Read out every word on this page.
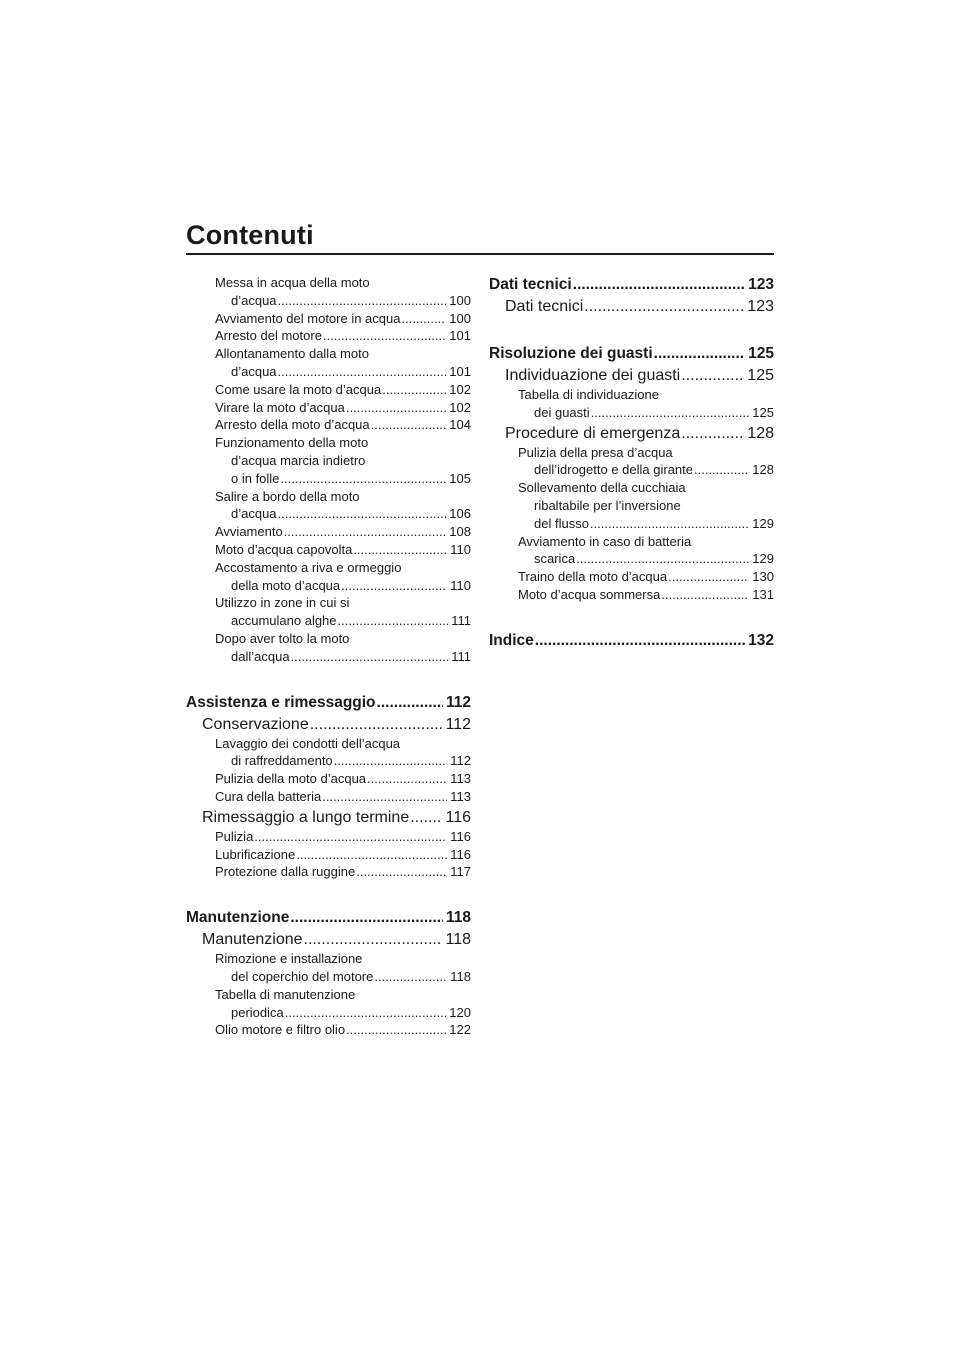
Contenuti
Messa in acqua della moto
d’acqua .....	100
Avviamento del motore in acqua .....	100
Arresto del motore .....	101
Allontanamento dalla moto
d’acqua .....	101
Come usare la moto d’acqua .....	102
Virare la moto d’acqua .....	102
Arresto della moto d’acqua .....	104
Funzionamento della moto
d’acqua marcia indietro
o in folle .....	105
Salire a bordo della moto
d’acqua .....	106
Avviamento .....	108
Moto d’acqua capovolta .....	110
Accostamento a riva e ormeggio
della moto d’acqua .....	110
Utilizzo in zone in cui si
accumulano alghe .....	111
Dopo aver tolto la moto
dall’acqua .....	111
Assistenza e rimessaggio .....	112
Conservazione .....	112
Lavaggio dei condotti dell’acqua
di raffreddamento .....	112
Pulizia della moto d’acqua .....	113
Cura della batteria .....	113
Rimessaggio a lungo termine ..... 116
Pulizia .....	116
Lubrificazione .....	116
Protezione dalla ruggine .....	117
Manutenzione .....	118
Manutenzione .....	118
Rimozione e installazione
del coperchio del motore .....	118
Tabella di manutenzione
periodica .....	120
Olio motore e filtro olio .....	122
Dati tecnici .....	123
Dati tecnici .....	123
Risoluzione dei guasti .....	125
Individuazione dei guasti .....	125
Tabella di individuazione
dei guasti .....	125
Procedure di emergenza .....	128
Pulizia della presa d’acqua
dell’idrogetto e della girante .....	128
Sollevamento della cucchiaia
ribaltabile per l’inversione
del flusso .....	129
Avviamento in caso di batteria
scarica .....	129
Traino della moto d’acqua .....	130
Moto d’acqua sommersa .....	131
Indice .....	132
